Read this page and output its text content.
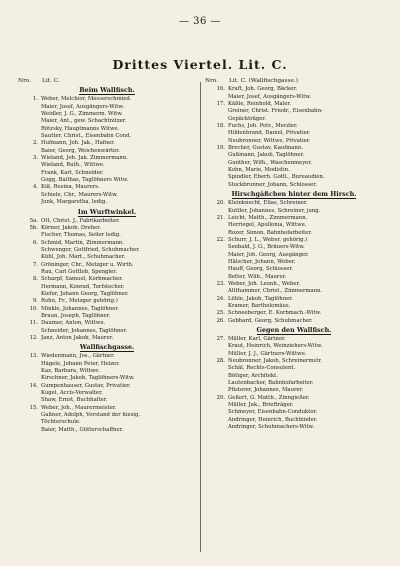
— 36 —
Drittes Viertel. Lit. C.
Nro.	Lit. C.
Beim Wallfisch.
1. Weber, Melchior, Messerschmied.
Maier, Josef, Ausgängers-Witw.
Weidler, J. G., Zimmerm. Witw.
Maier, Ant., gew. Schachtnitzer.
Rötzsky, Hauptmanns Witwe.
Sautter, Christ., Eisenbahn Cond.
2. Hufmann, Joh. Jak., Hafner.
Baier, Georg, Weichenwärter.
3. Wieland, Joh. Jak. Zimmermann.
Wieland, Rath., Wittwe.
Frank, Karl, Schneider.
Gogg, Balthas, Taglöhners Witw.
4. Kiß, Rosina, Maurers.
Schiele, Chr., Maurers-Witw.
Junk, Margaretha, ledig.
Im Wurftwinkel.
5a. Ott, Christ. J., Fabrikarbeiter.
5b. Körner, Jakob, Dreher.
Fischer, Thomas, Seiler ledig.
6. Schmid, Martin, Zimmermann.
Schwenger, Gottfried, Schuhmacher.
Kühl, Joh. Mart., Schuhmacher.
7. Gröninger, Chr., Metzger u. Wirth.
Rau, Carl Gottlob, Spengler.
8. Scharpf, Samuel, Korbmacher.
Hermann, Konrad, Torfstecher.
Kiefer, Johann Georg, Taglöhner.
9. Rohn, Fr., Metzger gehörig.)
10. Minkle, Johannes, Taglöhner.
Braun, Joseph, Taglöhner.
11. Daumer, Anton, Wittwe.
Schneider, Johannes, Taglöhner.
12. Janz, Anton Jakob, Maurer.
Wallfischgasse.
13. Wiedenmann, Jos., Gärtner.
Hägele, Johann Peter, Heizer.
Kaz, Barbara, Wittwe.
Kirschner, Jakob, Taglöhners-Witw.
14. Gumpenhauser, Gustav, Privatier.
Kugel, Accis-Verwalter.
Shaw, Ernst, Buchhalter.
15. Weber, Joh., Maurermeister.
Gaßner, Adolph, Vorstand der hiesig.
Töchterschule.
Baier, Matth., Gütterschaffner.
Nro.	Lit. C. (Wallfischgasse.)
16. Kraft, Joh. Georg, Bäcker.
Maier, Josef, Ausgängers-Witw.
17. Käßle, Reinhold, Maler.
Greiner, Christ. Friedr., Eisenbahn-
Gepäckträger.
18. Fuchs, Joh. Petr., Merzler.
Hildenbrand, Daniel, Privatier.
Neubronner, Wittwe, Privatier.
19. Brecher, Gustav, Kaufmann.
Gußmann, Jakob, Taglöhner.
Gunther, Wilh., Waschenmeyer.
Kohn, Marie, Modistin.
Spindler, Eberh. Gottl., Bureaudien.
Stockbrunner, Johann, Schlosser.
Hirschgäßchen hinter dem Hirsch.
20. Kleinknecht, Elias, Schreiner.
Kuttler, Johannes, Schreiner, jung.
21. Leicht, Matth., Zimmermann.
Herriegel, Apollonia, Wittwe.
Rozer, Simon, Bahnhofarbeiter.
22. Schurr, J. L., Weber, gehörig.)
Seebald, J. G., Bräuers-Witw.
Maier, Joh. Georg, Ausgänger.
Hälscher, Johann, Weber.
Hauff, Georg, Schlosser.
Better, Wilh., Maurer.
23. Weber, Joh. Leonh., Weber.
Altthammer, Christ., Zimmermann.
24. Löhle, Jakob, Taglöhner.
Kramer, Bartholomäus.
25. Schneeberger, E. Korbmach.-Witw.
26. Gebhard, Georg, Schuhmacher.
Gegen den Wallfisch.
27. Müller, Karl, Gärtner.
Kraut, Heinrich, Weinziehers-Witw.
Müller, J. J., Gärtners-Wittwe.
28. Neubronner, Jakob, Schreinermstr.
Schäl, Rechts-Consulent.
Böttger, Architekt.
Lautenbacher, Bahnhofarbeiter.
Pfisterer, Johannes, Maurer.
29. Geßert, G. Matth., Zinngießer.
Müller, Jak., Briefträger.
Schmeyer, Eisenbahn-Conduktor.
Andringer, Heinrich, Buchbinder.
Andringer, Schuhmachers-Witw.
